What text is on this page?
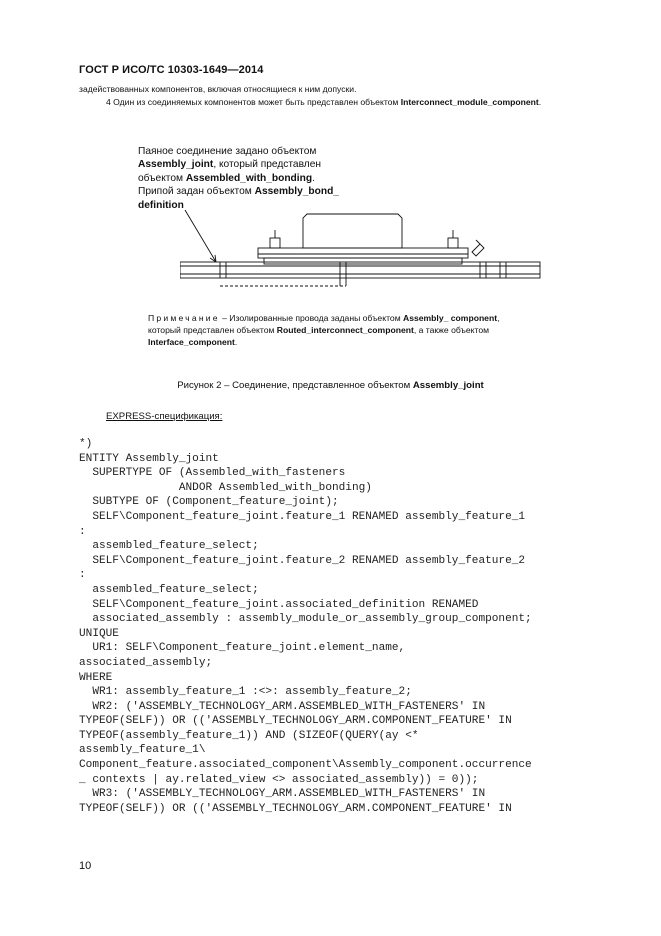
ГОСТ Р ИСО/ТС 10303-1649—2014
задействованных компонентов, включая относящиеся к ним допуски.
4 Один из соединяемых компонентов может быть представлен объектом Interconnect_module_component.
Паяное соединение задано объектом
Assembly_joint, который представлен
объектом Assembled_with_bonding.
Припой задан объектом Assembly_bond_
definition
Примечание – Изолированные провода заданы объектом Assembly_ component,
который представлен объектом Routed_interconnect_component, а также объектом
Interface_component.
Рисунок 2 – Соединение, представленное объектом Assembly_joint
EXPRESS-спецификация:
*)
ENTITY Assembly_joint
SUPERTYPE OF (Assembled_with_fasteners
ANDOR Assembled_with_bonding)
SUBTYPE OF (Component_feature_joint);
SELF\Component_feature_joint.feature_1 RENAMED assembly_feature_1
:
assembled_feature_select;
SELF\Component_feature_joint.feature_2 RENAMED assembly_feature_2
:
assembled_feature_select;
SELF\Component_feature_joint.associated_definition RENAMED
associated_assembly : assembly_module_or_assembly_group_component;
UNIQUE
UR1: SELF\Component_feature_joint.element_name,
associated_assembly;
WHERE
WR1: assembly_feature_1 :<>: assembly_feature_2;
WR2: ('ASSEMBLY_TECHNOLOGY_ARM.ASSEMBLED_WITH_FASTENERS' IN
TYPEOF(SELF)) OR (('ASSEMBLY_TECHNOLOGY_ARM.COMPONENT_FEATURE' IN
TYPEOF(assembly_feature_1)) AND (SIZEOF(QUERY(ay <*
assembly_feature_1\
Component_feature.associated_component\Assembly_component.occurrence
_ contexts | ay.related_view <> associated_assembly)) = 0));
WR3: ('ASSEMBLY_TECHNOLOGY_ARM.ASSEMBLED_WITH_FASTENERS' IN
TYPEOF(SELF)) OR (('ASSEMBLY_TECHNOLOGY_ARM.COMPONENT_FEATURE' IN
10
